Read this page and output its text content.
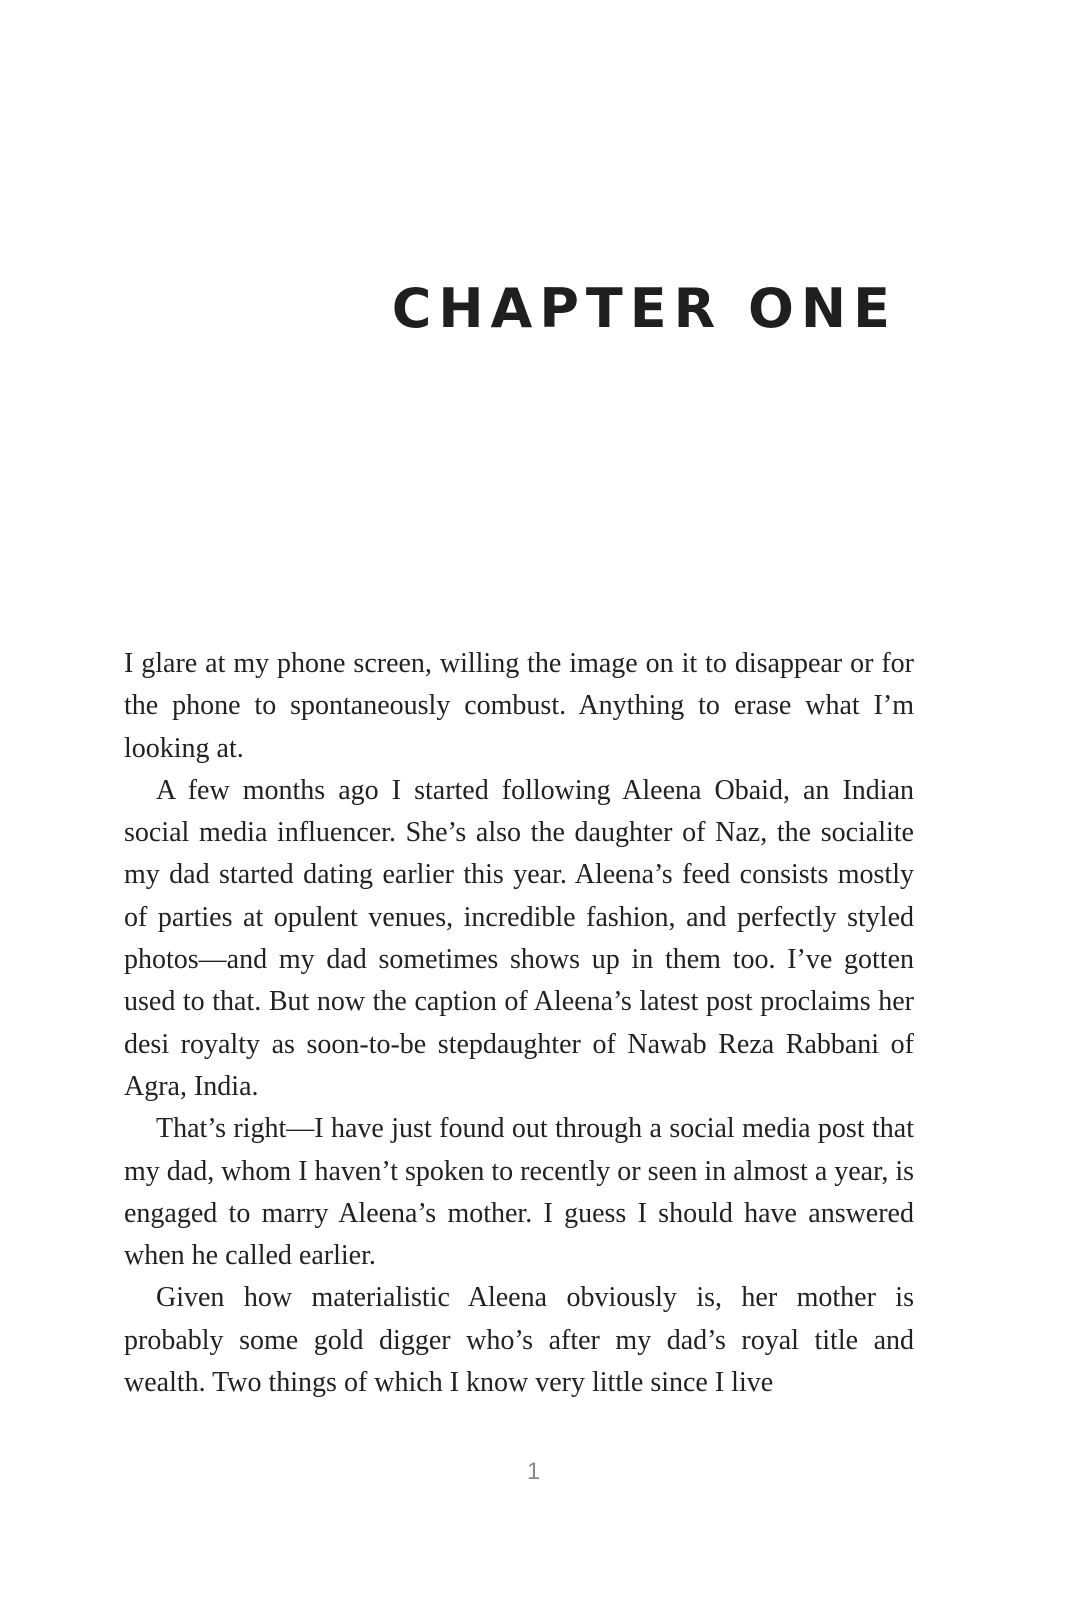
CHAPTER ONE

I glare at my phone screen, willing the image on it to disappear or for the phone to spontaneously combust. Anything to erase what I’m looking at.

A few months ago I started following Aleena Obaid, an Indian social media influencer. She’s also the daughter of Naz, the socialite my dad started dating earlier this year. Aleena’s feed consists mostly of parties at opulent venues, incredible fashion, and perfectly styled photos—and my dad sometimes shows up in them too. I’ve gotten used to that. But now the caption of Aleena’s latest post proclaims her desi royalty as soon-to-be stepdaughter of Nawab Reza Rabbani of Agra, India.

That’s right—I have just found out through a social media post that my dad, whom I haven’t spoken to recently or seen in almost a year, is engaged to marry Aleena’s mother. I guess I should have answered when he called earlier.

Given how materialistic Aleena obviously is, her mother is probably some gold digger who’s after my dad’s royal title and wealth. Two things of which I know very little since I live

1
